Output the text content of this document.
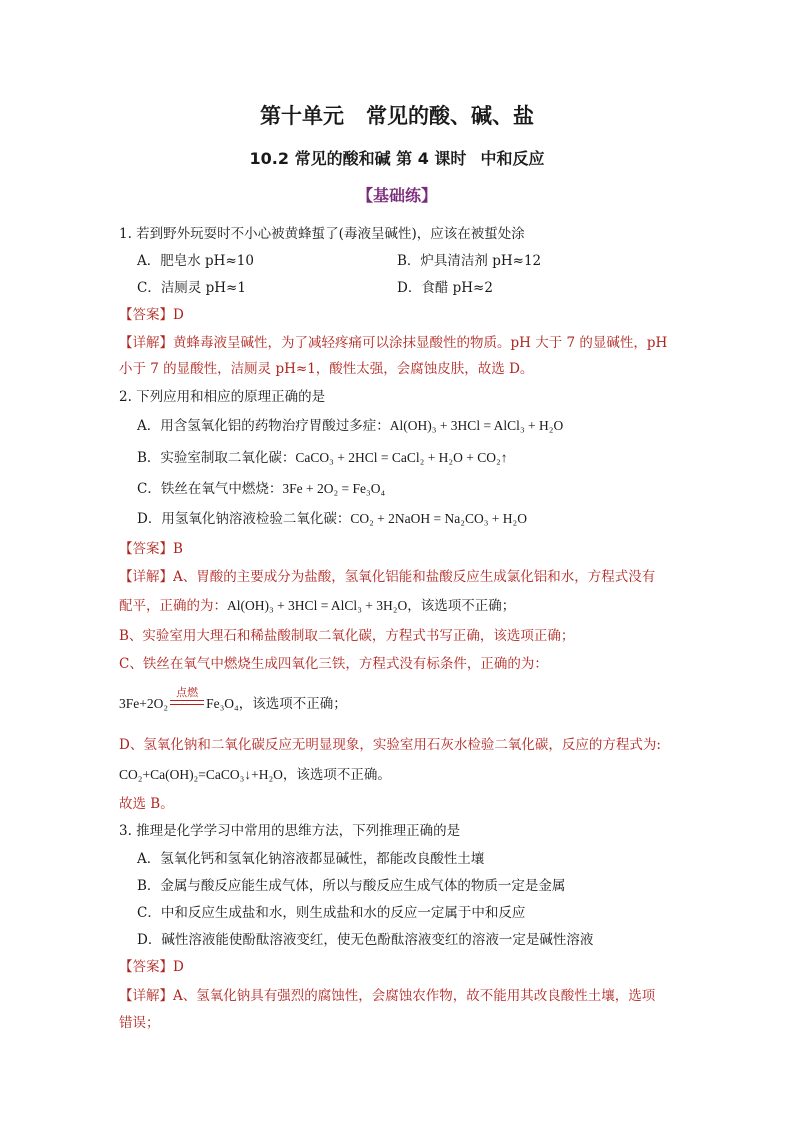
第十单元 常见的酸、碱、盐
10.2 常见的酸和碱 第 4 课时 中和反应
【基础练】
1. 若到野外玩耍时不小心被黄蜂蜇了(毒液呈碱性)，应该在被蜇处涂
A．肥皂水 pH≈10	B．炉具清洁剂 pH≈12
C．洁厕灵 pH≈1	D．食醋 pH≈2
【答案】D
【详解】黄蜂毒液呈碱性，为了减轻疼痛可以涂抹显酸性的物质。pH 大于 7 的显碱性，pH
小于 7 的显酸性，洁厕灵 pH≈1，酸性太强，会腐蚀皮肤，故选 D。
2. 下列应用和相应的原理正确的是
A．用含氢氧化铝的药物治疗胃酸过多症：Al(OH)₃ + 3HCl = AlCl₃ + H₂O
B．实验室制取二氧化碳：CaCO₃ + 2HCl = CaCl₂ + H₂O + CO₂↑
C．铁丝在氧气中燃烧：3Fe + 2O₂ = Fe₃O₄
D．用氢氧化钠溶液检验二氧化碳：CO₂ + 2NaOH = Na₂CO₃ + H₂O
【答案】B
【详解】A、胃酸的主要成分为盐酸，氢氧化铝能和盐酸反应生成氯化铝和水，方程式没有
配平，正确的为：Al(OH)₃ + 3HCl = AlCl₃ + 3H₂O，该选项不正确；
B、实验室用大理石和稀盐酸制取二氧化碳，方程式书写正确，该选项正确；
C、铁丝在氧气中燃烧生成四氧化三铁，方程式没有标条件，正确的为：
3Fe+2O₂
点燃
Fe₃O₄，该选项不正确；
D、氢氧化钠和二氧化碳反应无明显现象，实验室用石灰水检验二氧化碳，反应的方程式为:
CO₂+Ca(OH)₂=CaCO₃↓+H₂O，该选项不正确。
故选 B。
3. 推理是化学学习中常用的思维方法，下列推理正确的是
A．氢氧化钙和氢氧化钠溶液都显碱性，都能改良酸性土壤
B．金属与酸反应能生成气体，所以与酸反应生成气体的物质一定是金属
C．中和反应生成盐和水，则生成盐和水的反应一定属于中和反应
D．碱性溶液能使酚酞溶液变红，使无色酚酞溶液变红的溶液一定是碱性溶液
【答案】D
【详解】A、氢氧化钠具有强烈的腐蚀性，会腐蚀农作物，故不能用其改良酸性土壤，选项
错误；
